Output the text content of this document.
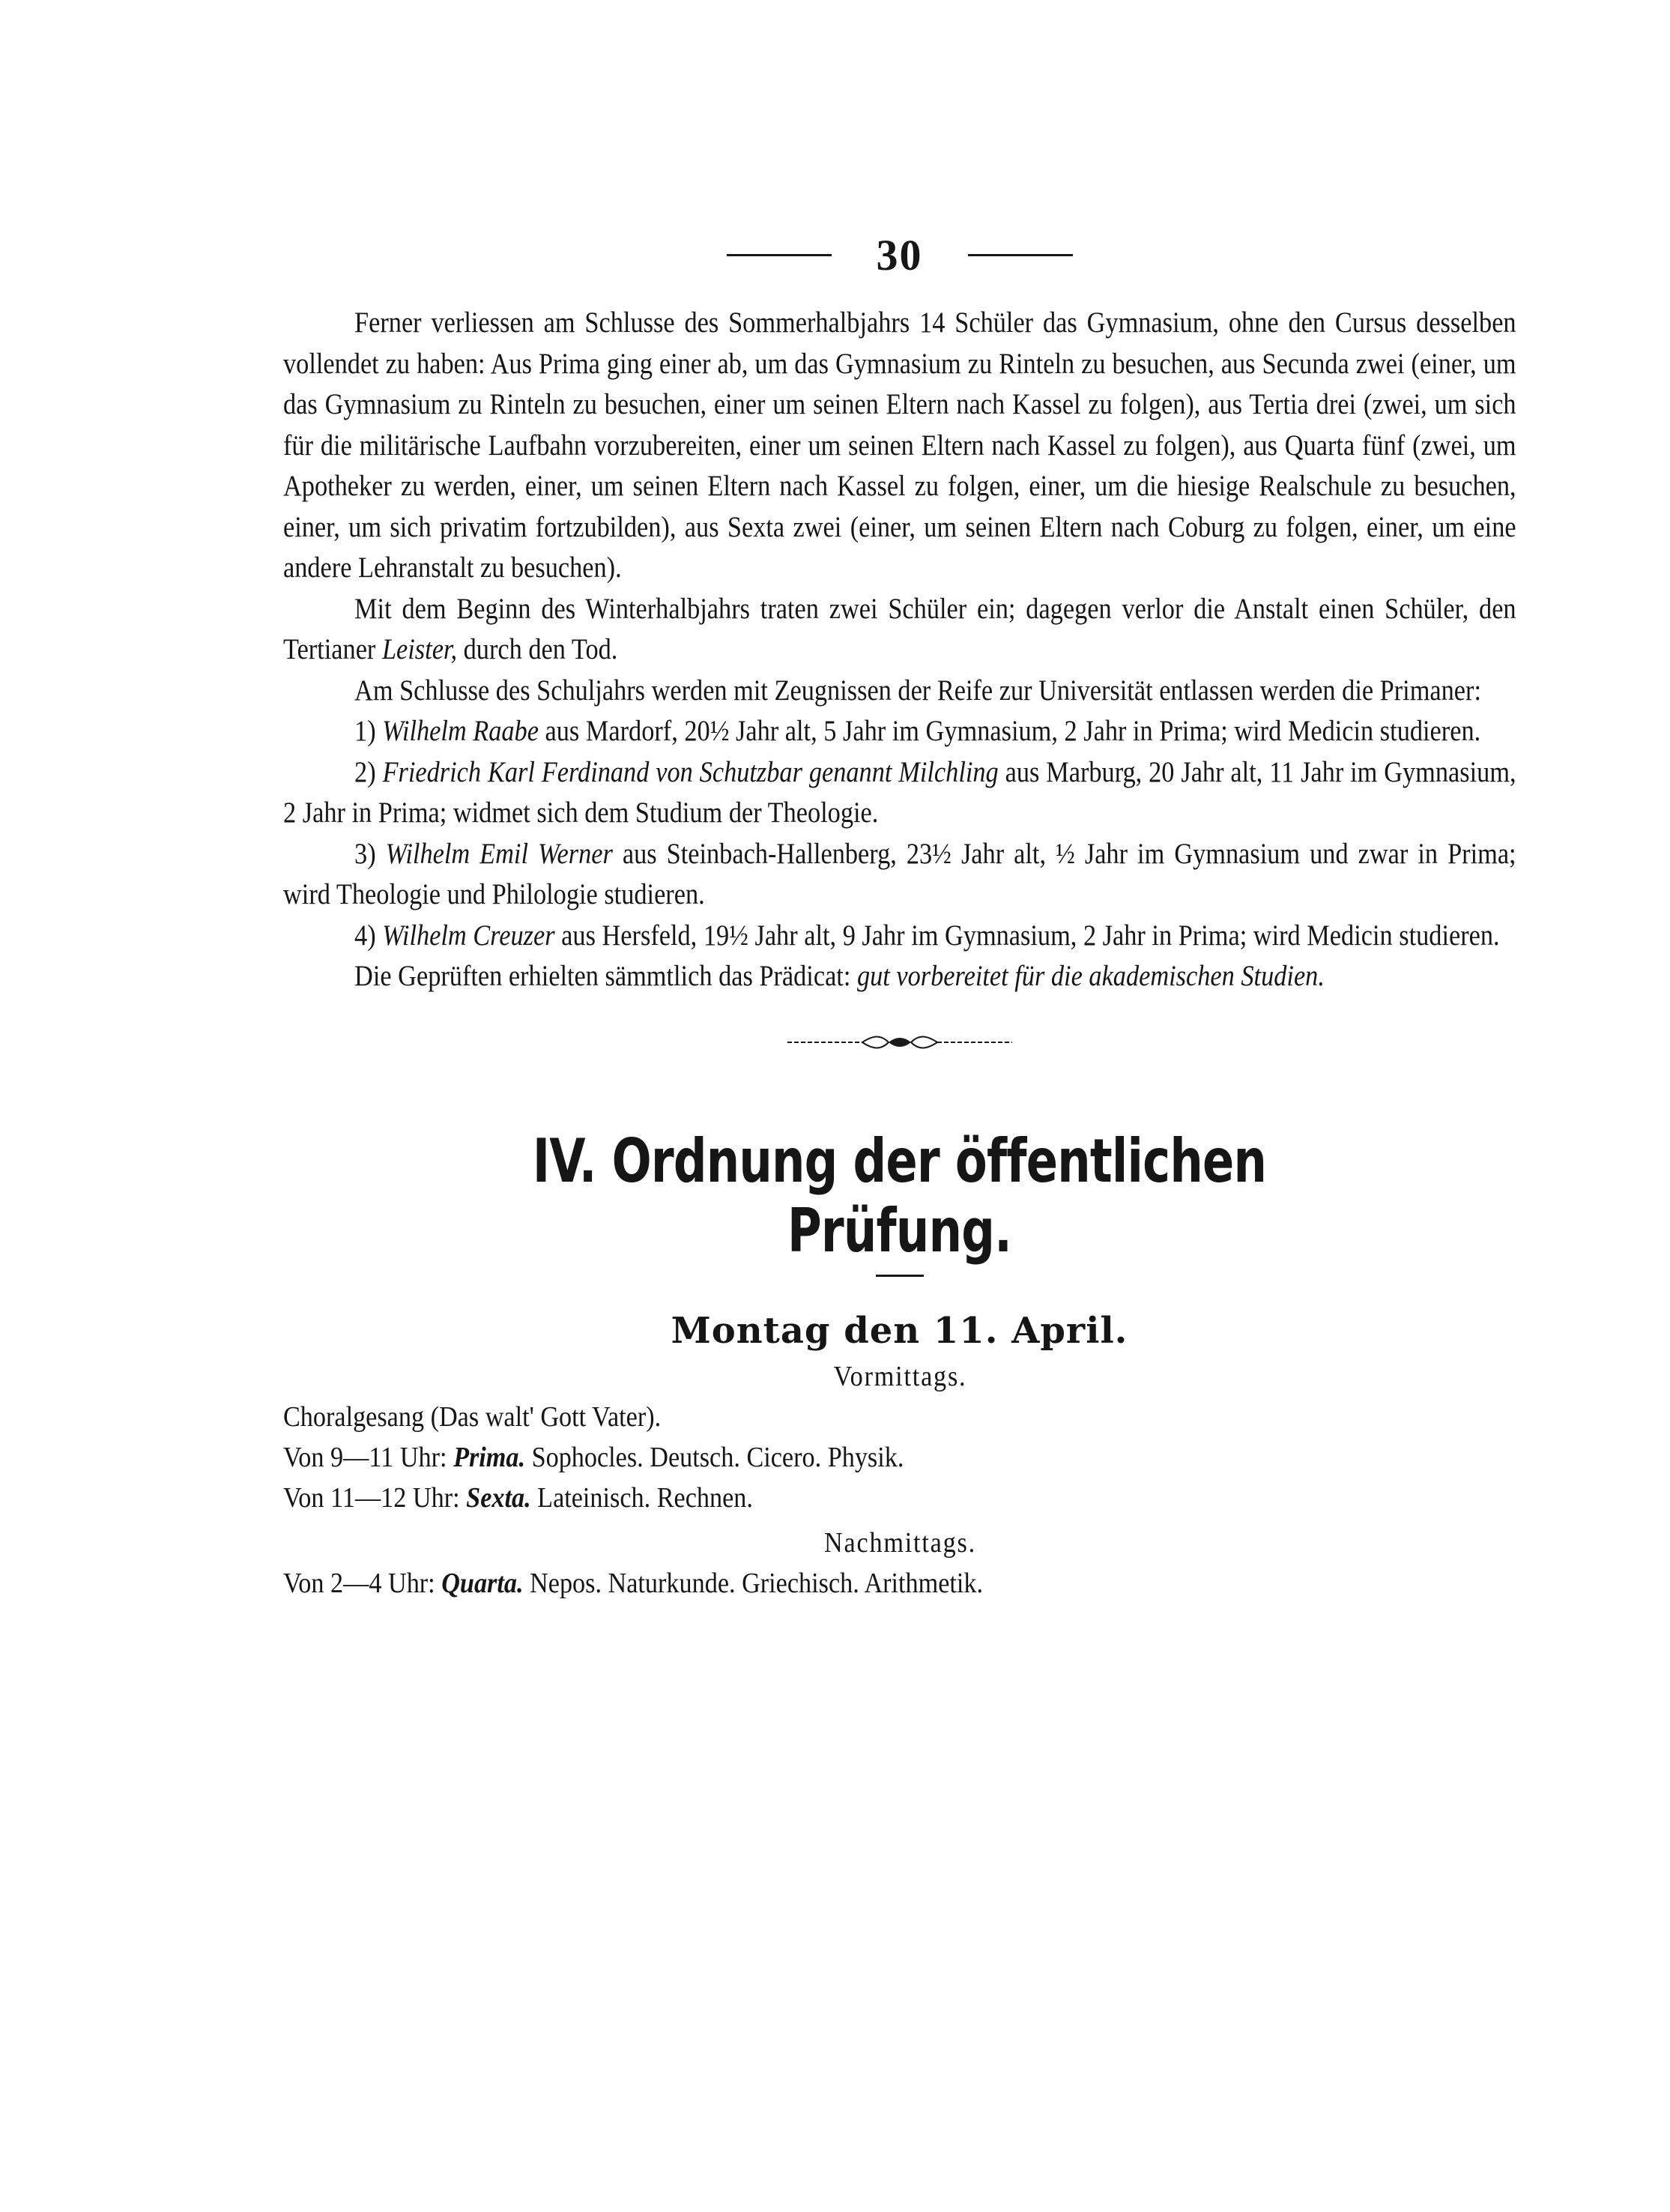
30

Ferner verliessen am Schlusse des Sommerhalbjahrs 14 Schüler das Gymnasium, ohne den Cursus desselben vollendet zu haben: Aus Prima ging einer ab, um das Gymnasium zu Rinteln zu besuchen, aus Secunda zwei (einer, um das Gymnasium zu Rinteln zu besuchen, einer um seinen Eltern nach Kassel zu folgen), aus Tertia drei (zwei, um sich für die militärische Laufbahn vorzubereiten, einer um seinen Eltern nach Kassel zu folgen), aus Quarta fünf (zwei, um Apotheker zu werden, einer, um seinen Eltern nach Kassel zu folgen, einer, um die hiesige Realschule zu besuchen, einer, um sich privatim fortzubilden), aus Sexta zwei (einer, um seinen Eltern nach Coburg zu folgen, einer, um eine andere Lehranstalt zu besuchen).

Mit dem Beginn des Winterhalbjahrs traten zwei Schüler ein; dagegen verlor die Anstalt einen Schüler, den Tertianer Leister, durch den Tod.

Am Schlusse des Schuljahrs werden mit Zeugnissen der Reife zur Universität entlassen werden die Primaner:

1) Wilhelm Raabe aus Mardorf, 20½ Jahr alt, 5 Jahr im Gymnasium, 2 Jahr in Prima; wird Medicin studieren.

2) Friedrich Karl Ferdinand von Schutzbar genannt Milchling aus Marburg, 20 Jahr alt, 11 Jahr im Gymnasium, 2 Jahr in Prima; widmet sich dem Studium der Theologie.

3) Wilhelm Emil Werner aus Steinbach-Hallenberg, 23½ Jahr alt, ½ Jahr im Gymnasium und zwar in Prima; wird Theologie und Philologie studieren.

4) Wilhelm Creuzer aus Hersfeld, 19½ Jahr alt, 9 Jahr im Gymnasium, 2 Jahr in Prima; wird Medicin studieren.

Die Geprüften erhielten sämmtlich das Prädicat: gut vorbereitet für die akademischen Studien.

IV. Ordnung der öffentlichen Prüfung.
Montag den 11. April.

Vormittags.

Choralgesang (Das walt' Gott Vater).

Von 9—11 Uhr: Prima. Sophocles. Deutsch. Cicero. Physik.

Von 11—12 Uhr: Sexta. Lateinisch. Rechnen.

Nachmittags.

Von 2—4 Uhr: Quarta. Nepos. Naturkunde. Griechisch. Arithmetik.
